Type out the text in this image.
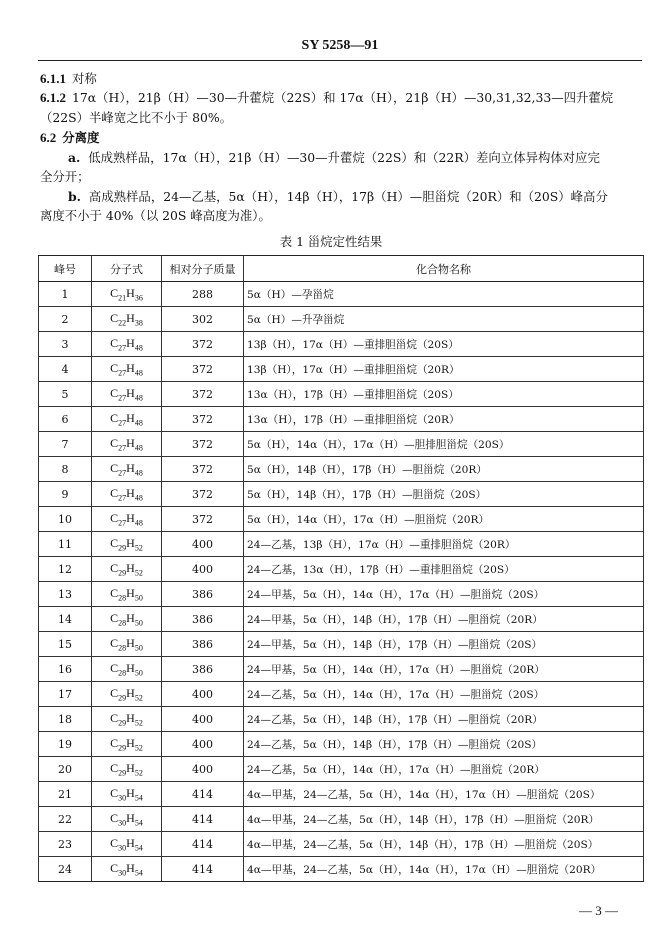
SY 5258—91
6.1.1 对称
6.1.2 17α（H），21β（H）—30—升藿烷（22S）和 17α（H），21β（H）—30,31,32,33—四升藿烷
（22S）半峰宽之比不小于 80%。
6.2 分离度
a. 低成熟样品，17α（H），21β（H）—30—升藿烷（22S）和（22R）差向立体异构体对应完
全分开；
b. 高成熟样品，24—乙基，5α（H），14β（H），17β（H）—胆甾烷（20R）和（20S）峰高分
离度不小于 40%（以 20S 峰高度为准）。
表 1 甾烷定性结果
峰号	分子式	相对分子质量	化合物名称
1	$C_{21}H_{36}$	288	5α（H）—孕甾烷
2	$C_{22}H_{38}$	302	5α（H）—升孕甾烷
3	$C_{27}H_{48}$	372	13β（H），17α（H）—重排胆甾烷（20S）
4	$C_{27}H_{48}$	372	13β（H），17α（H）—重排胆甾烷（20R）
5	$C_{27}H_{48}$	372	13α（H），17β（H）—重排胆甾烷（20S）
6	$C_{27}H_{48}$	372	13α（H），17β（H）—重排胆甾烷（20R）
7	$C_{27}H_{48}$	372	5α（H），14α（H），17α（H）—胆排胆甾烷（20S）
8	$C_{27}H_{48}$	372	5α（H），14β（H），17β（H）—胆甾烷（20R）
9	$C_{27}H_{48}$	372	5α（H），14β（H），17β（H）—胆甾烷（20S）
10	$C_{27}H_{48}$	372	5α（H），14α（H），17α（H）—胆甾烷（20R）
11	$C_{29}H_{52}$	400	24—乙基，13β（H），17α（H）—重排胆甾烷（20R）
12	$C_{29}H_{52}$	400	24—乙基，13α（H），17β（H）—重排胆甾烷（20S）
13	$C_{28}H_{50}$	386	24—甲基，5α（H），14α（H），17α（H）—胆甾烷（20S）
14	$C_{28}H_{50}$	386	24—甲基，5α（H），14β（H），17β（H）—胆甾烷（20R）
15	$C_{28}H_{50}$	386	24—甲基，5α（H），14β（H），17β（H）—胆甾烷（20S）
16	$C_{28}H_{50}$	386	24—甲基，5α（H），14α（H），17α（H）—胆甾烷（20R）
17	$C_{29}H_{52}$	400	24—乙基，5α（H），14α（H），17α（H）—胆甾烷（20S）
18	$C_{29}H_{52}$	400	24—乙基，5α（H），14β（H），17β（H）—胆甾烷（20R）
19	$C_{29}H_{52}$	400	24—乙基，5α（H），14β（H），17β（H）—胆甾烷（20S）
20	$C_{29}H_{52}$	400	24—乙基，5α（H），14α（H），17α（H）—胆甾烷（20R）
21	$C_{30}H_{54}$	414	4α—甲基，24—乙基，5α（H），14α（H），17α（H）—胆甾烷（20S）
22	$C_{30}H_{54}$	414	4α—甲基，24—乙基，5α（H），14β（H），17β（H）—胆甾烷（20R）
23	$C_{30}H_{54}$	414	4α—甲基，24—乙基，5α（H），14β（H），17β（H）—胆甾烷（20S）
24	$C_{30}H_{54}$	414	4α—甲基，24—乙基，5α（H），14α（H），17α（H）—胆甾烷（20R）
— 3 —
